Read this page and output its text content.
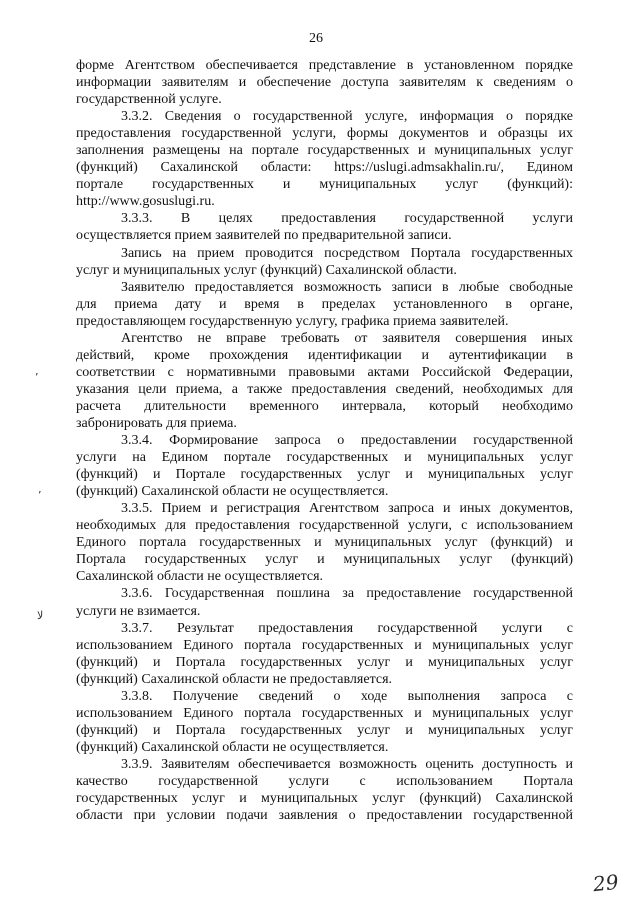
26
форме Агентством обеспечивается представление в установленном порядке
информации заявителям и обеспечение доступа заявителям к сведениям о
государственной услуге.
3.3.2. Сведения о государственной услуге, информация о порядке
предоставления государственной услуги, формы документов и образцы их
заполнения размещены на портале государственных и муниципальных услуг
(функций) Сахалинской области: https://uslugi.admsakhalin.ru/, Едином
портале государственных и муниципальных услуг (функций):
http://www.gosuslugi.ru.
3.3.3. В целях предоставления государственной услуги
осуществляется прием заявителей по предварительной записи.
Запись на прием проводится посредством Портала государственных
услуг и муниципальных услуг (функций) Сахалинской области.
Заявителю предоставляется возможность записи в любые свободные
для приема дату и время в пределах установленного в органе,
предоставляющем государственную услугу, графика приема заявителей.
Агентство не вправе требовать от заявителя совершения иных
действий, кроме прохождения идентификации и аутентификации в
соответствии с нормативными правовыми актами Российской Федерации,
указания цели приема, а также предоставления сведений, необходимых для
расчета длительности временного интервала, который необходимо
забронировать для приема.
3.3.4. Формирование запроса о предоставлении государственной
услуги на Едином портале государственных и муниципальных услуг
(функций) и Портале государственных услуг и муниципальных услуг
(функций) Сахалинской области не осуществляется.
3.3.5. Прием и регистрация Агентством запроса и иных документов,
необходимых для предоставления государственной услуги, с использованием
Единого портала государственных и муниципальных услуг (функций) и
Портала государственных услуг и муниципальных услуг (функций)
Сахалинской области не осуществляется.
3.3.6. Государственная пошлина за предоставление государственной
услуги не взимается.
3.3.7. Результат предоставления государственной услуги с
использованием Единого портала государственных и муниципальных услуг
(функций) и Портала государственных услуг и муниципальных услуг
(функций) Сахалинской области не предоставляется.
3.3.8. Получение сведений о ходе выполнения запроса с
использованием Единого портала государственных и муниципальных услуг
(функций) и Портала государственных услуг и муниципальных услуг
(функций) Сахалинской области не осуществляется.
3.3.9. Заявителям обеспечивается возможность оценить доступность и
качество государственной услуги с использованием Портала
государственных услуг и муниципальных услуг (функций) Сахалинской
области при условии подачи заявления о предоставлении государственной
٬
٬
ﻻ
29
